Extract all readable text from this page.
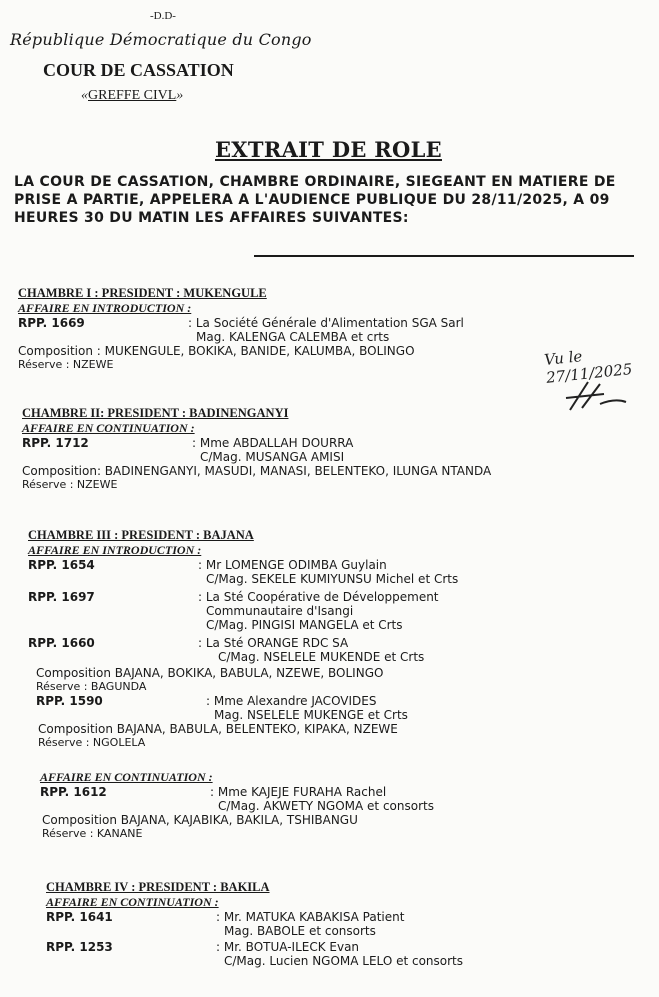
-D.D-
République Démocratique du Congo
COUR DE CASSATION
«GREFFE CIVL»
EXTRAIT DE ROLE
LA COUR DE CASSATION, CHAMBRE ORDINAIRE, SIEGEANT EN MATIERE DE PRISE A PARTIE, APPELERA A L'AUDIENCE PUBLIQUE DU 28/11/2025, A 09 HEURES 30 DU MATIN LES AFFAIRES SUIVANTES:
CHAMBRE I : PRESIDENT : MUKENGULE
AFFAIRE EN INTRODUCTION :
RPP. 1669	: La Société Générale d'Alimentation SGA Sarl
Mag. KALENGA CALEMBA et crts
Composition : MUKENGULE, BOKIKA, BANIDE, KALUMBA, BOLINGO
Réserve : NZEWE	Vu le 27/11/2025
CHAMBRE II: PRESIDENT : BADINENGANYI
AFFAIRE EN CONTINUATION :
RPP. 1712	: Mme ABDALLAH DOURRA
C/Mag. MUSANGA AMISI
Composition: BADINENGANYI, MASUDI, MANASI, BELENTEKO, ILUNGA NTANDA
Réserve : NZEWE
CHAMBRE III : PRESIDENT : BAJANA
AFFAIRE EN INTRODUCTION :
RPP. 1654	: Mr LOMENGE ODIMBA Guylain
C/Mag. SEKELE KUMIYUNSU Michel et Crts
RPP. 1697	: La Sté Coopérative de Développement
Communautaire d'Isangi
C/Mag. PINGISI MANGELA et Crts
RPP. 1660	: La Sté ORANGE RDC SA
C/Mag. NSELELE MUKENDE et Crts
Composition BAJANA, BOKIKA, BABULA, NZEWE, BOLINGO
Réserve : BAGUNDA
RPP. 1590	: Mme Alexandre JACOVIDES
Mag. NSELELE MUKENGE et Crts
Composition BAJANA, BABULA, BELENTEKO, KIPAKA, NZEWE
Réserve : NGOLELA
AFFAIRE EN CONTINUATION :
RPP. 1612	: Mme KAJEJE FURAHA Rachel
C/Mag. AKWETY NGOMA et consorts
Composition BAJANA, KAJABIKA, BAKILA, TSHIBANGU
Réserve : KANANE
CHAMBRE IV : PRESIDENT : BAKILA
AFFAIRE EN CONTINUATION :
RPP. 1641	: Mr. MATUKA KABAKISA Patient
Mag. BABOLE et consorts
RPP. 1253	: Mr. BOTUA-ILECK Evan
C/Mag. Lucien NGOMA LELO et consorts
